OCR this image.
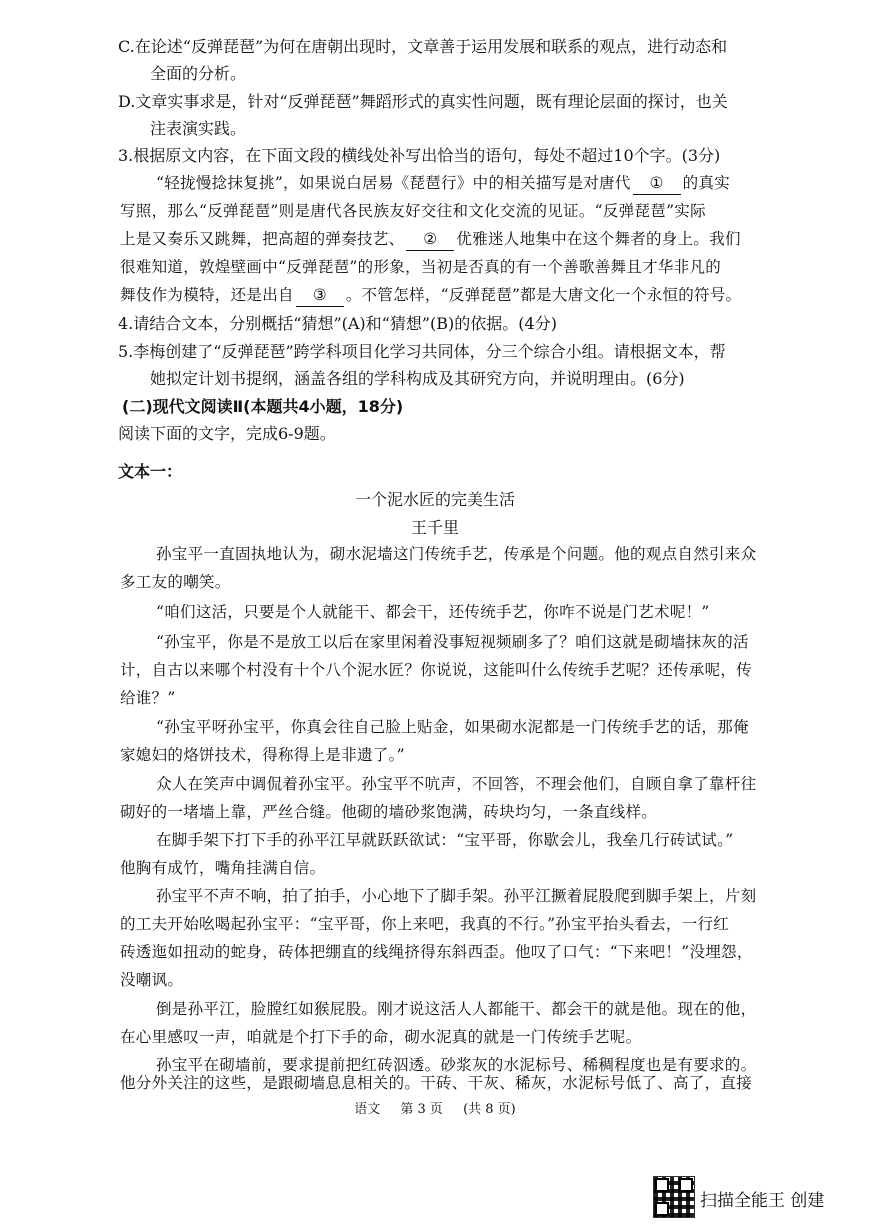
C.在论述“反弹琵琶”为何在唐朝出现时，文章善于运用发展和联系的观点，进行动态和
全面的分析。
D.文章实事求是，针对“反弹琵琶”舞蹈形式的真实性问题，既有理论层面的探讨，也关
注表演实践。
3.根据原文内容，在下面文段的横线处补写出恰当的语句，每处不超过10个字。(3分)
“轻拢慢捻抹复挑”，如果说白居易《琵琶行》中的相关描写是对唐代 ① 的真实
写照，那么“反弹琵琶”则是唐代各民族友好交往和文化交流的见证。“反弹琵琶”实际
上是又奏乐又跳舞，把高超的弹奏技艺、 ② 优雅迷人地集中在这个舞者的身上。我们
很难知道，敦煌壁画中“反弹琵琶”的形象，当初是否真的有一个善歌善舞且才华非凡的
舞伎作为模特，还是出自 ③ 。不管怎样，“反弹琵琶”都是大唐文化一个永恒的符号。
4.请结合文本，分别概括“猜想”(A)和“猜想”(B)的依据。(4分)
5.李梅创建了“反弹琵琶”跨学科项目化学习共同体，分三个综合小组。请根据文本，帮
她拟定计划书提纲，涵盖各组的学科构成及其研究方向，并说明理由。(6分)
(二)现代文阅读Ⅱ(本题共4小题，18分)
阅读下面的文字，完成6-9题。
文本一：
一个泥水匠的完美生活
王千里
孙宝平一直固执地认为，砌水泥墙这门传统手艺，传承是个问题。他的观点自然引来众
多工友的嘲笑。
“咱们这活，只要是个人就能干、都会干，还传统手艺，你咋不说是门艺术呢！”
“孙宝平，你是不是放工以后在家里闲着没事短视频刷多了？咱们这就是砌墙抹灰的活
计，自古以来哪个村没有十个八个泥水匠？你说说，这能叫什么传统手艺呢？还传承呢，传
给谁？”
“孙宝平呀孙宝平，你真会往自己脸上贴金，如果砌水泥都是一门传统手艺的话，那俺
家媳妇的烙饼技术，得称得上是非遗了。”
众人在笑声中调侃着孙宝平。孙宝平不吭声，不回答，不理会他们，自顾自拿了靠杆往
砌好的一堵墙上靠，严丝合缝。他砌的墙砂浆饱满，砖块均匀，一条直线样。
在脚手架下打下手的孙平江早就跃跃欲试：“宝平哥，你歇会儿，我垒几行砖试试。”
他胸有成竹，嘴角挂满自信。
孙宝平不声不响，拍了拍手，小心地下了脚手架。孙平江撅着屁股爬到脚手架上，片刻
的工夫开始吆喝起孙宝平：“宝平哥，你上来吧，我真的不行。”孙宝平抬头看去，一行红
砖透迤如扭动的蛇身，砖体把绷直的线绳挤得东斜西歪。他叹了口气：“下来吧！”没埋怨，
没嘲讽。
倒是孙平江，脸膛红如猴屁股。刚才说这活人人都能干、都会干的就是他。现在的他，
在心里感叹一声，咱就是个打下手的命，砌水泥真的就是一门传统手艺呢。
孙宝平在砌墙前，要求提前把红砖泅透。砂浆灰的水泥标号、稀稠程度也是有要求的。
他分外关注的这些，是跟砌墙息息相关的。干砖、干灰、稀灰，水泥标号低了、高了，直接
语文 第 3 页 (共 8 页)
扫描全能王 创建
